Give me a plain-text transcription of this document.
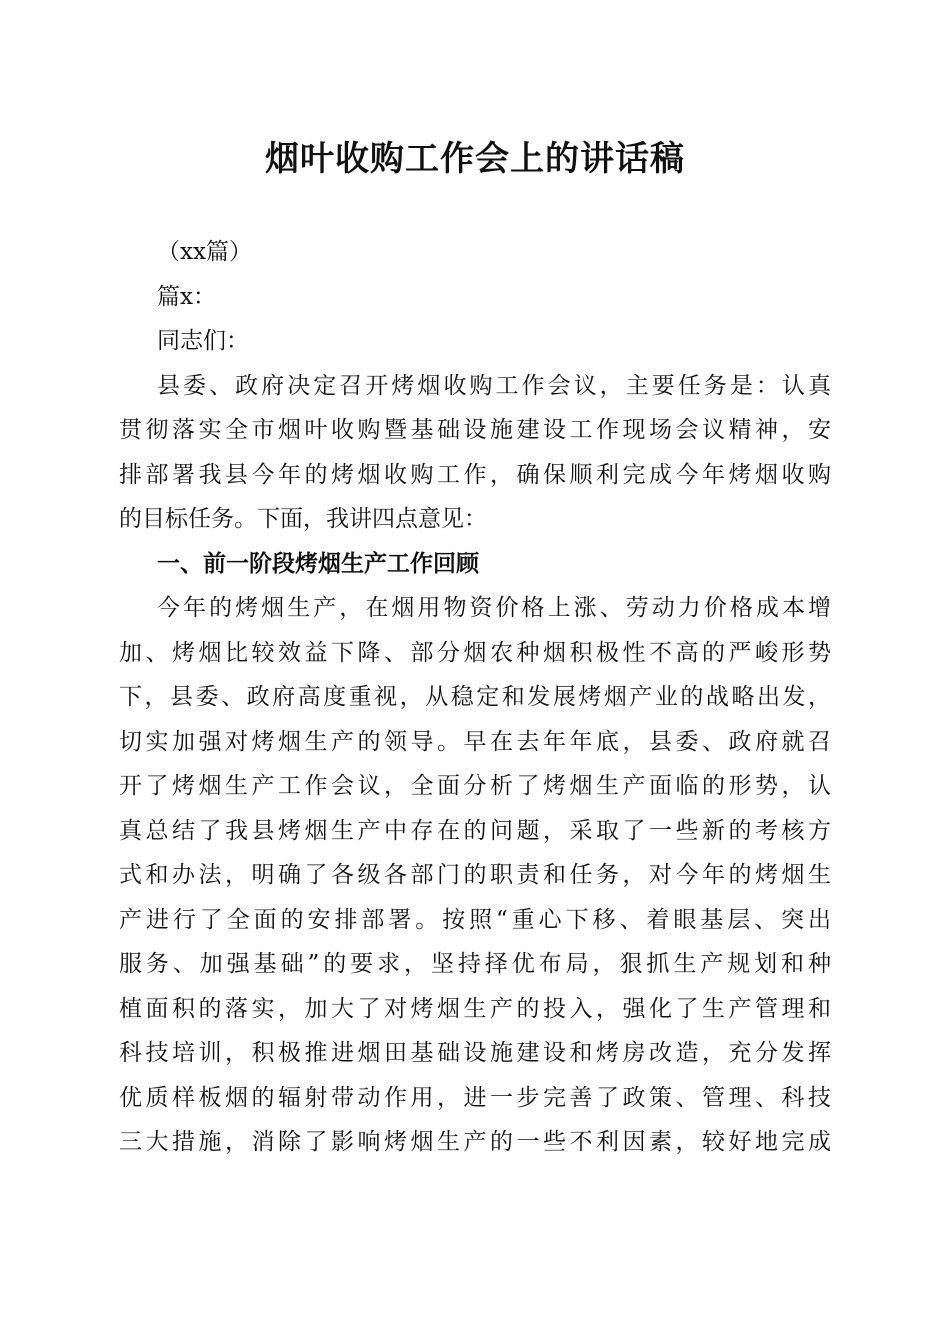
烟叶收购工作会上的讲话稿
（xx篇）
篇x：
同志们：
县委、政府决定召开烤烟收购工作会议，主要任务是：认真
贯彻落实全市烟叶收购暨基础设施建设工作现场会议精神，安
排部署我县今年的烤烟收购工作，确保顺利完成今年烤烟收购
的目标任务。下面，我讲四点意见：
一、前一阶段烤烟生产工作回顾
今年的烤烟生产，在烟用物资价格上涨、劳动力价格成本增
加、烤烟比较效益下降、部分烟农种烟积极性不高的严峻形势
下，县委、政府高度重视，从稳定和发展烤烟产业的战略出发，
切实加强对烤烟生产的领导。早在去年年底，县委、政府就召
开了烤烟生产工作会议，全面分析了烤烟生产面临的形势，认
真总结了我县烤烟生产中存在的问题，采取了一些新的考核方
式和办法，明确了各级各部门的职责和任务，对今年的烤烟生
产进行了全面的安排部署。按照“重心下移、着眼基层、突出
服务、加强基础”的要求，坚持择优布局，狠抓生产规划和种
植面积的落实，加大了对烤烟生产的投入，强化了生产管理和
科技培训，积极推进烟田基础设施建设和烤房改造，充分发挥
优质样板烟的辐射带动作用，进一步完善了政策、管理、科技
三大措施，消除了影响烤烟生产的一些不利因素，较好地完成
